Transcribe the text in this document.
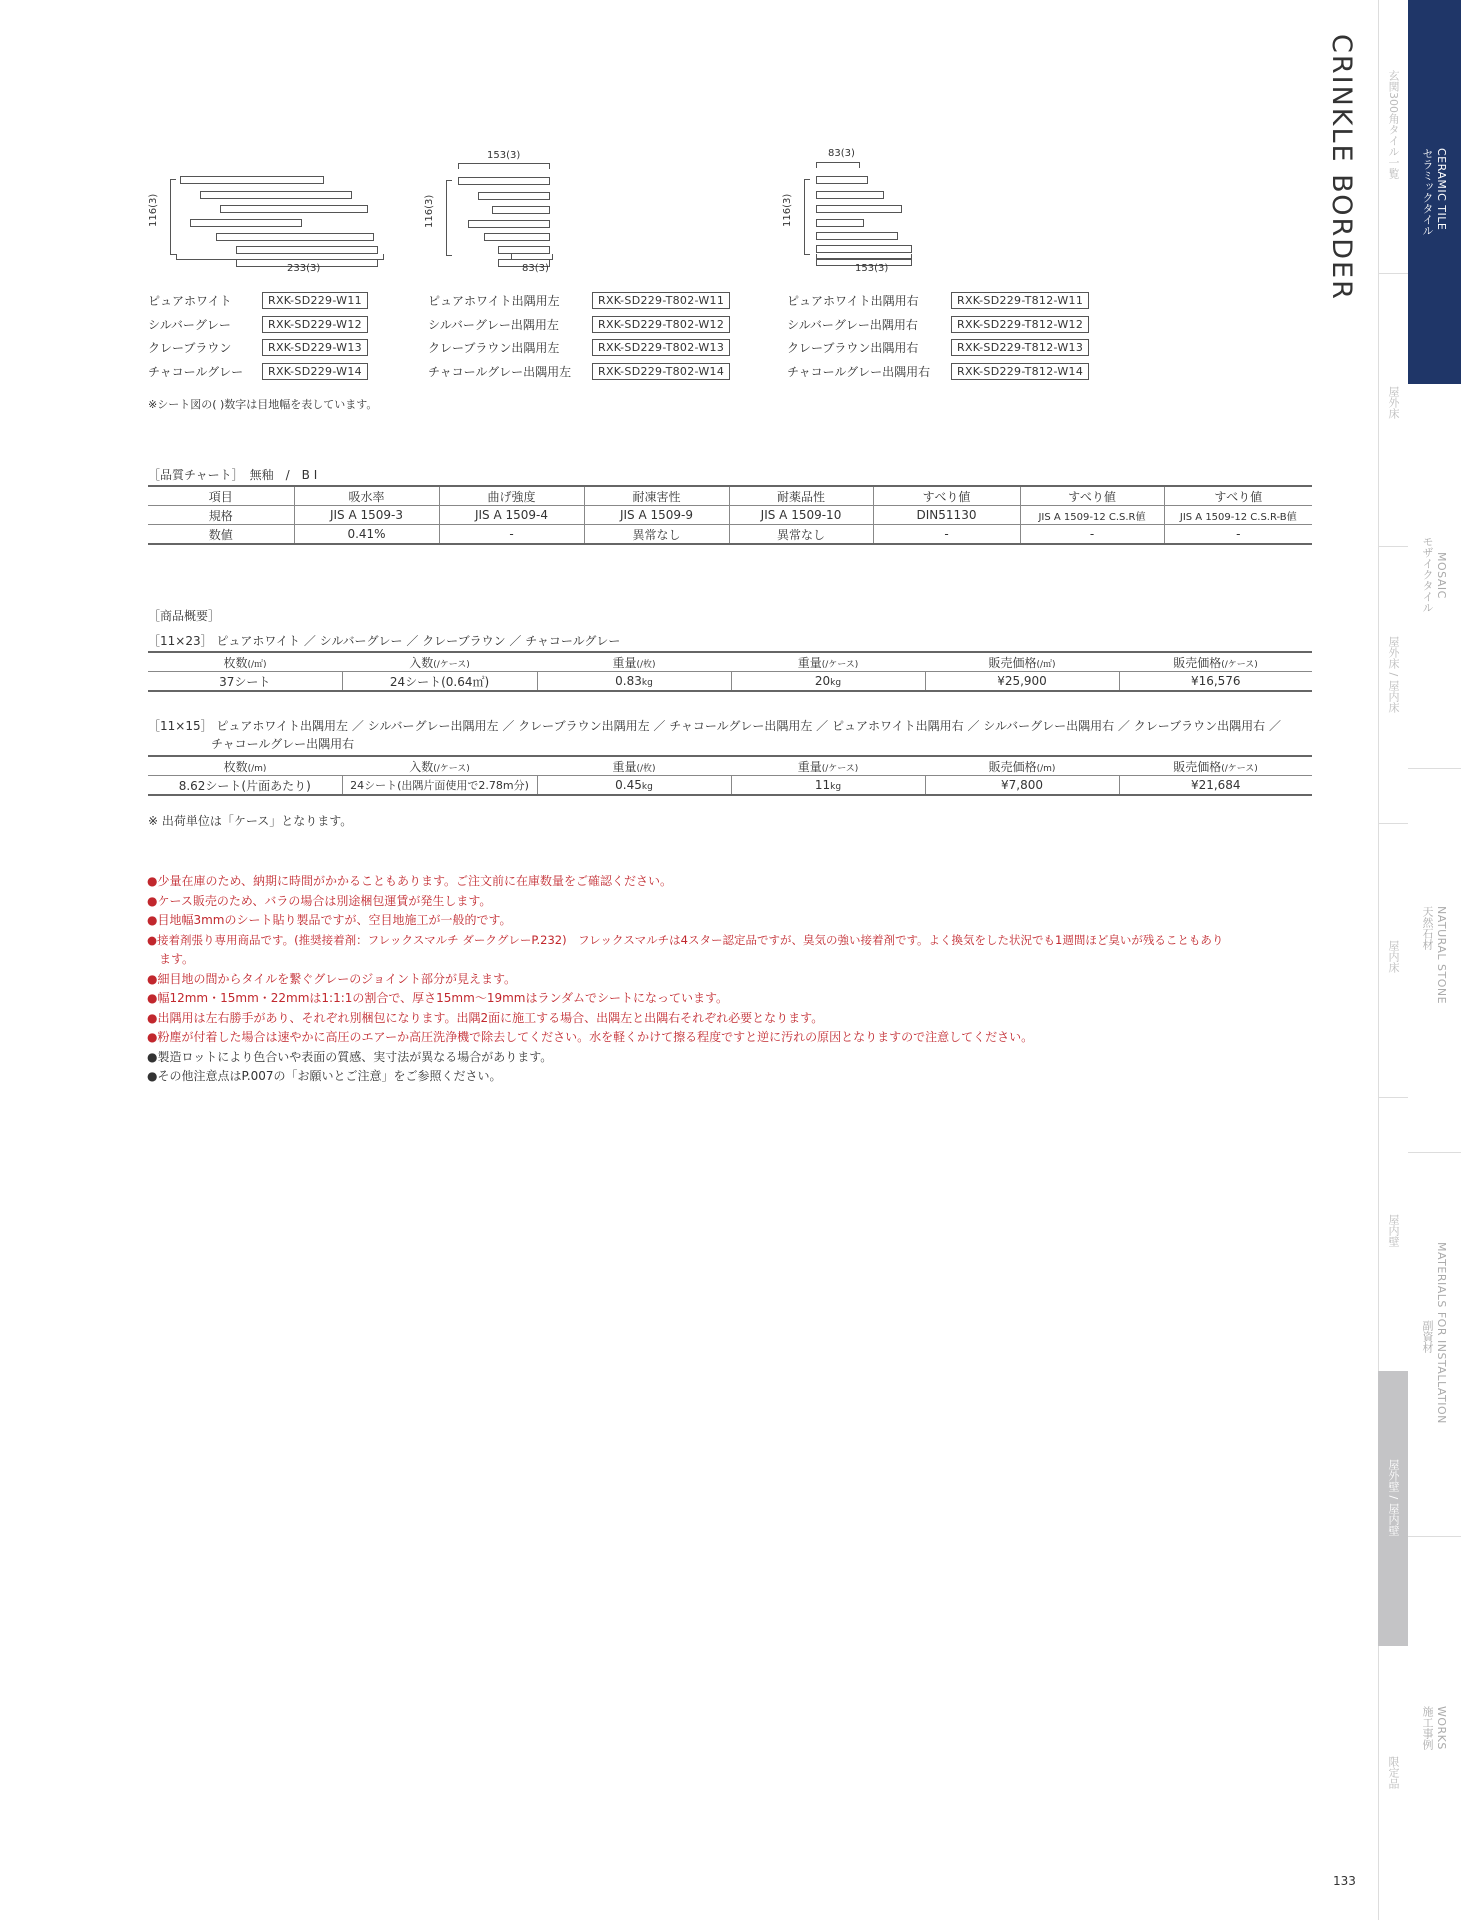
CRINKLE BORDER
116(3)
233(3)
153(3)
116(3)
83(3)
83(3)
116(3)
153(3)
ピュアホワイト	RXK-SD229-W11
シルバーグレー	RXK-SD229-W12
クレーブラウン	RXK-SD229-W13
チャコールグレー	RXK-SD229-W14
ピュアホワイト出隅用左	RXK-SD229-T802-W11
シルバーグレー出隅用左	RXK-SD229-T802-W12
クレーブラウン出隅用左	RXK-SD229-T802-W13
チャコールグレー出隅用左	RXK-SD229-T802-W14
ピュアホワイト出隅用右	RXK-SD229-T812-W11
シルバーグレー出隅用右	RXK-SD229-T812-W12
クレーブラウン出隅用右	RXK-SD229-T812-W13
チャコールグレー出隅用右	RXK-SD229-T812-W14
※シート図の( )数字は目地幅を表しています。
［品質チャート］　無釉　/　B I
項目	吸水率	曲げ強度	耐凍害性	耐薬品性	すべり値	すべり値	すべり値
規格	JIS A 1509-3	JIS A 1509-4	JIS A 1509-9	JIS A 1509-10	DIN51130	JIS A 1509-12 C.S.R値	JIS A 1509-12 C.S.R-B値
数値	0.41%	-	異常なし	異常なし	-	-	-
［商品概要］
［11×23］ ピュアホワイト ／ シルバーグレー ／ クレーブラウン ／ チャコールグレー
枚数(/㎡)	入数(/ケース)	重量(/枚)	重量(/ケース)	販売価格(/㎡)	販売価格(/ケース)
37シート	24シート(0.64㎡)	0.83kg	20kg	¥25,900	¥16,576
［11×15］ ピュアホワイト出隅用左 ／ シルバーグレー出隅用左 ／ クレーブラウン出隅用左 ／ チャコールグレー出隅用左 ／ ピュアホワイト出隅用右 ／ シルバーグレー出隅用右 ／ クレーブラウン出隅用右 ／
チャコールグレー出隅用右
枚数(/m)	入数(/ケース)	重量(/枚)	重量(/ケース)	販売価格(/m)	販売価格(/ケース)
8.62シート(片面あたり)	24シート(出隅片面使用で2.78m分)	0.45kg	11kg	¥7,800	¥21,684
※ 出荷単位は「ケース」となります。
●少量在庫のため、納期に時間がかかることもあります。ご注文前に在庫数量をご確認ください。
●ケース販売のため、バラの場合は別途梱包運賃が発生します。
●目地幅3mmのシート貼り製品ですが、空目地施工が一般的です。
●接着剤張り専用商品です。(推奨接着剤：フレックスマルチ ダークグレーP.232)　フレックスマルチは4スター認定品ですが、臭気の強い接着剤です。よく換気をした状況でも1週間ほど臭いが残ることもあり
　ます。
●細目地の間からタイルを繋ぐグレーのジョイント部分が見えます。
●幅12mm・15mm・22mmは1:1:1の割合で、厚さ15mm〜19mmはランダムでシートになっています。
●出隅用は左右勝手があり、それぞれ別梱包になります。出隅2面に施工する場合、出隅左と出隅右それぞれ必要となります。
●粉塵が付着した場合は速やかに高圧のエアーか高圧洗浄機で除去してください。水を軽くかけて擦る程度ですと逆に汚れの原因となりますので注意してください。
●製造ロットにより色合いや表面の質感、実寸法が異なる場合があります。
●その他注意点はP.007の「お願いとご注意」をご参照ください。
玄関300角タイル一覧
屋外床
屋外床 / 屋内床
屋内床
屋内壁
屋外壁 / 屋内壁
限定品
CERAMIC TILE
セラミックタイル
MOSAIC
モザイクタイル
NATURAL STONE
天然石材
MATERIALS FOR INSTALLATION
副資材
WORKS
施工事例
133
